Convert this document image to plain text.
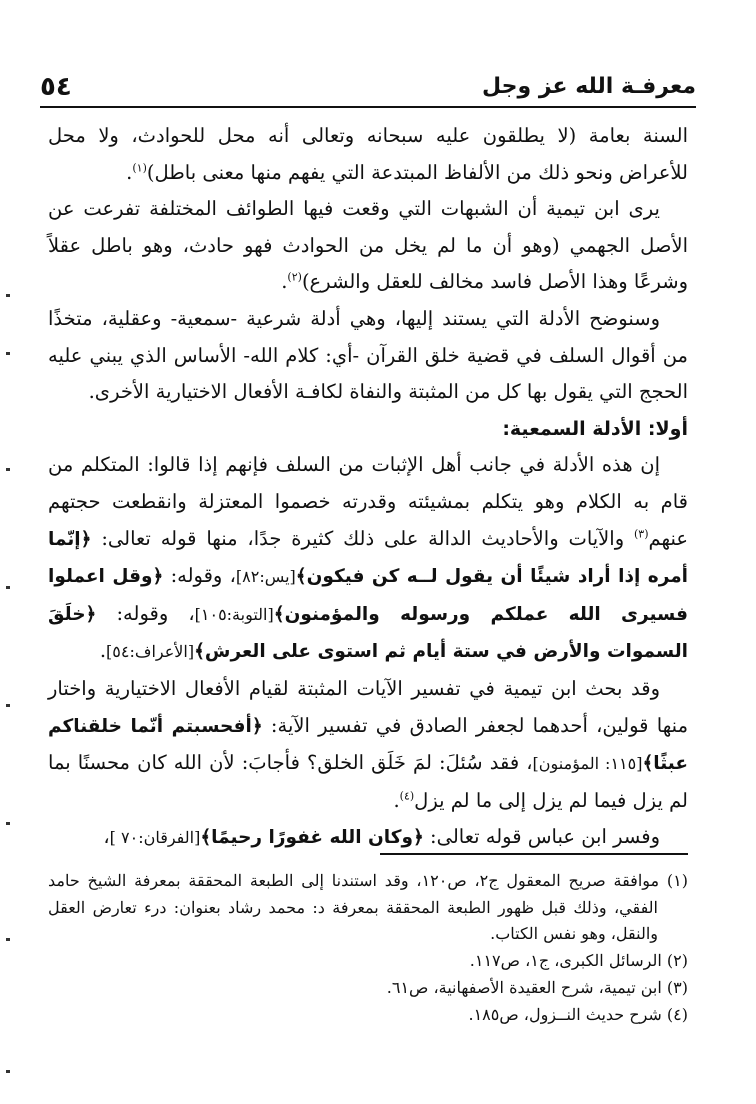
٥٤	معرفـة الله عز وجل

السنة بعامة (لا يطلقون عليه سبحانه وتعالى أنه محل للحوادث، ولا محل للأعراض ونحو ذلك من الألفاظ المبتدعة التي يفهم منها معنى باطل)$^{(١)}$.

يرى ابن تيمية أن الشبهات التي وقعت فيها الطوائف المختلفة تفرعت عن الأصل الجهمي (وهو أن ما لم يخل من الحوادث فهو حادث، وهو باطل عقلاً وشرعًا وهذا الأصل فاسد مخالف للعقل والشرع)$^{(٢)}$.

وسنوضح الأدلة التي يستند إليها، وهي أدلة شرعية -سمعية- وعقلية، متخذًا من أقوال السلف في قضية خلق القرآن -أي: كلام الله- الأساس الذي يبني عليه الحجج التي يقول بها كل من المثبتة والنفاة لكافـة الأفعال الاختيارية الأخرى.

أولا: الأدلة السمعية:

إن هذه الأدلة في جانب أهل الإثبات من السلف فإنهم إذا قالوا: المتكلم من قام به الكلام وهو يتكلم بمشيئته وقدرته خصموا المعتزلة وانقطعت حجتهم عنهم$^{(٣)}$ والآيات والأحاديث الدالة على ذلك كثيرة جدًا، منها قوله تعالى: ﴿إنّما أمره إذا أراد شيئًا أن يقول لــه كن فيكون﴾[يس:٨٢]، وقوله: ﴿وقل اعملوا فسيرى الله عملكم ورسوله والمؤمنون﴾[التوبة:١٠٥]، وقوله: ﴿خلَقَ السموات والأرض في ستة أيام ثم استوى على العرش﴾[الأعراف:٥٤].

وقد بحث ابن تيمية في تفسير الآيات المثبتة لقيام الأفعال الاختيارية واختار منها قولين، أحدهما لجعفر الصادق في تفسير الآية: ﴿أفحسبتم أنّما خلقناكم عبثًا﴾[١١٥: المؤمنون]، فقد سُئلَ: لمَ خَلَق الخلق؟ فأجابَ: لأن الله كان محسنًا بما لم يزل فيما لم يزل إلى ما لم يزل$^{(٤)}$.

وفسر ابن عباس قوله تعالى: ﴿وكان الله غفورًا رحيمًا﴾[الفرقان:٧٠ ]،

(١) موافقة صريح المعقول ج٢، ص١٢٠، وقد استندنا إلى الطبعة المحققة بمعرفة الشيخ حامد الفقي، وذلك قبل ظهور الطبعة المحققة بمعرفة د: محمد رشاد بعنوان: درء تعارض العقل والنقل، وهو نفس الكتاب.

(٢) الرسائل الكبرى، ج١، ص١١٧.

(٣) ابن تيمية، شرح العقيدة الأصفهانية، ص٦١.

(٤) شرح حديث النــزول، ص١٨٥.
